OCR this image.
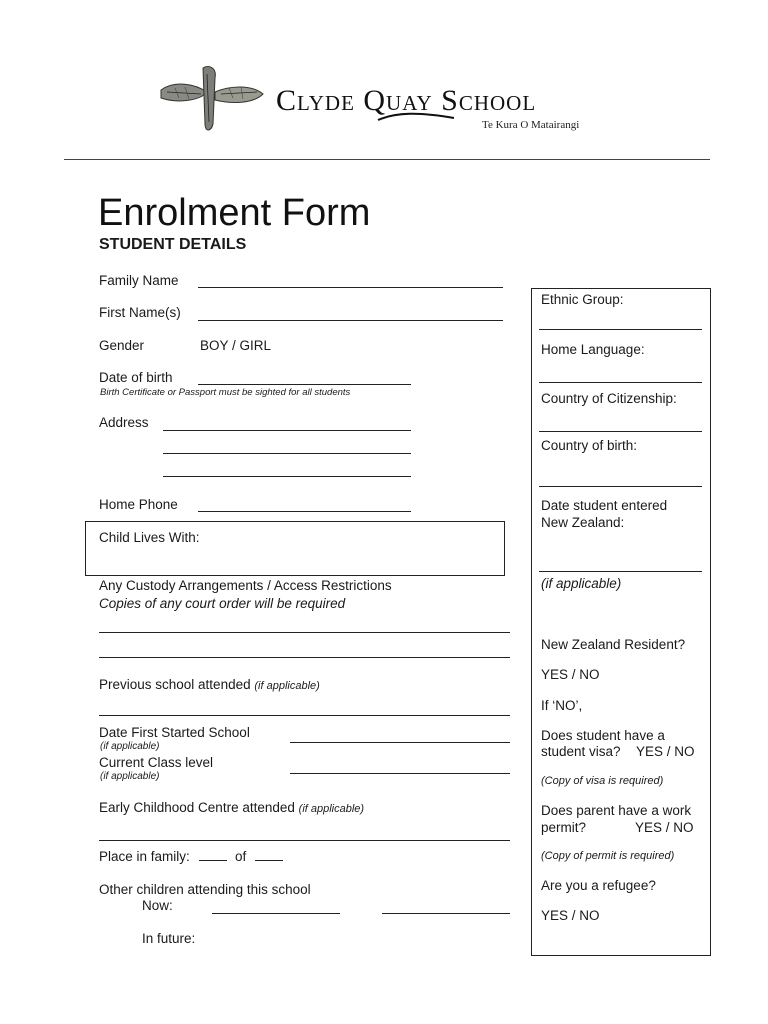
Clyde Quay School
Te Kura O Matairangi
Enrolment Form
STUDENT DETAILS
Family Name
First Name(s)
Gender	BOY / GIRL
Date of birth
Birth Certificate or Passport must be sighted for all students
Address
Home Phone
Child Lives With:
Any Custody Arrangements / Access Restrictions
Copies of any court order will be required
Previous school attended (if applicable)
Date First Started School
(if applicable)
Current Class level
(if applicable)
Early Childhood Centre attended (if applicable)
Place in family:	of
Other children attending this school
Now:
In future:
Ethnic Group:
Home Language:
Country of Citizenship:
Country of birth:
Date student entered
New Zealand:
(if applicable)
New Zealand Resident?
YES / NO
If ‘NO’,
Does student have a
student visa? YES / NO
(Copy of visa is required)
Does parent have a work
permit?	YES / NO
(Copy of permit is required)
Are you a refugee?
YES / NO
